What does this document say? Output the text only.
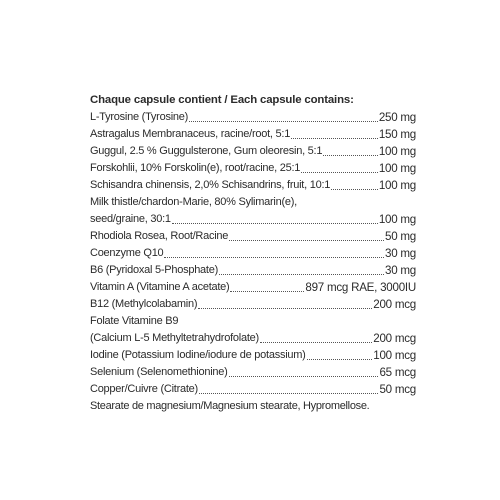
Chaque capsule contient / Each capsule contains:
L-Tyrosine (Tyrosine)	250 mg
Astragalus Membranaceus, racine/root, 5:1	150 mg
Guggul, 2.5 % Guggulsterone, Gum oleoresin, 5:1	100 mg
Forskohlii, 10% Forskolin(e), root/racine, 25:1	100 mg
Schisandra chinensis, 2,0% Schisandrins, fruit, 10:1	100 mg
Milk thistle/chardon-Marie, 80% Sylimarin(e),
seed/graine, 30:1	100 mg
Rhodiola Rosea, Root/Racine	50 mg
Coenzyme Q10	30 mg
B6 (Pyridoxal 5-Phosphate)	30 mg
Vitamin A (Vitamine A acetate)	897 mcg RAE, 3000IU
B12 (Methylcolabamin)	200 mcg
Folate Vitamine B9
(Calcium L-5 Methyltetrahydrofolate)	200 mcg
Iodine (Potassium Iodine/iodure de potassium)	100 mcg
Selenium (Selenomethionine)	65 mcg
Copper/Cuivre (Citrate)	50 mcg
Stearate de magnesium/Magnesium stearate, Hypromellose.
